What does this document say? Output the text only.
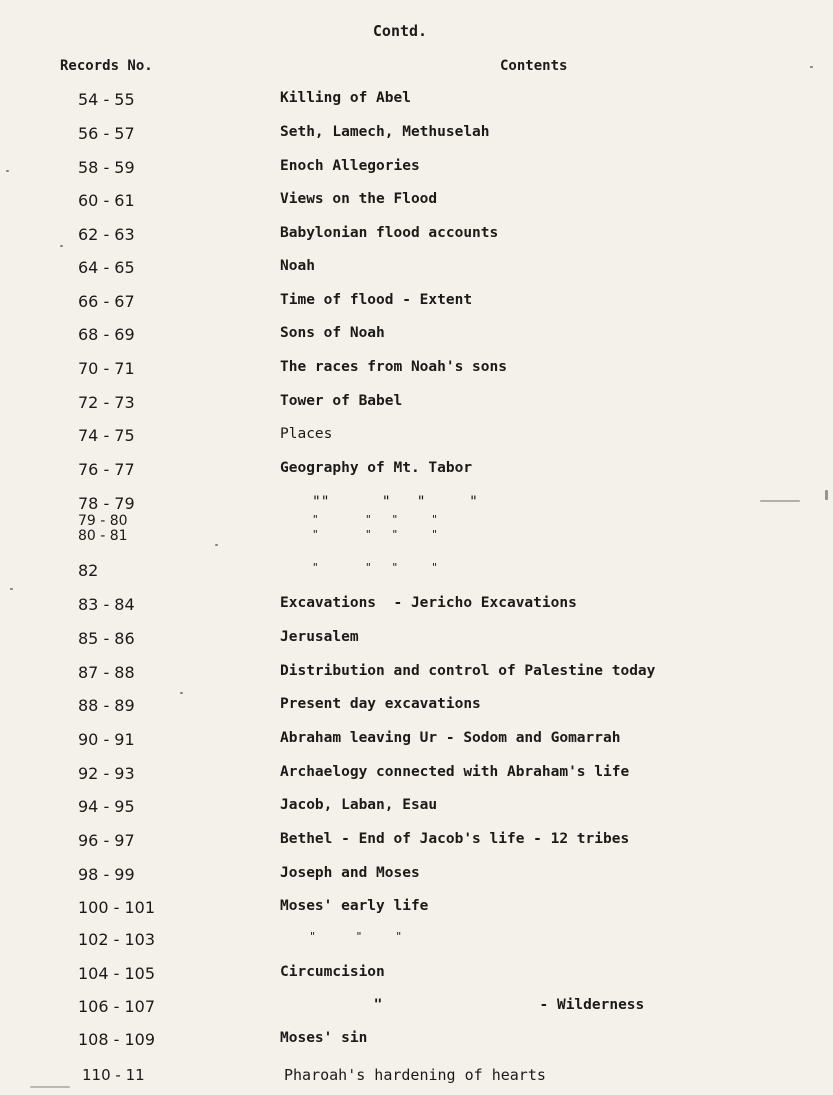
Contd.
Records No.	Contents
54 - 55	Killing of Abel
56 - 57	Seth, Lamech, Methuselah
58 - 59	Enoch Allegories
60 - 61	Views on the Flood
62 - 63	Babylonian flood accounts
64 - 65	Noah
66 - 67	Time of flood - Extent
68 - 69	Sons of Noah
70 - 71	The races from Noah's sons
72 - 73	Tower of Babel
74 - 75	Places
76 - 77	Geography of Mt. Tabor
78 - 79	""      "   "     "
79 - 80	"       "   "     "
80 - 81	"       "   "     "
82	"       "   "     "
83 - 84	Excavations  - Jericho Excavations
85 - 86	Jerusalem
87 - 88	Distribution and control of Palestine today
88 - 89	Present day excavations
90 - 91	Abraham leaving Ur - Sodom and Gomarrah
92 - 93	Archaelogy connected with Abraham's life
94 - 95	Jacob, Laban, Esau
96 - 97	Bethel - End of Jacob's life - 12 tribes
98 - 99	Joseph and Moses
100 - 101	Moses' early life
102 - 103	"      "     "
104 - 105	Circumcision
106 - 107	"                  - Wilderness
108 - 109	Moses' sin
110 - 11	Pharoah's hardening of hearts
